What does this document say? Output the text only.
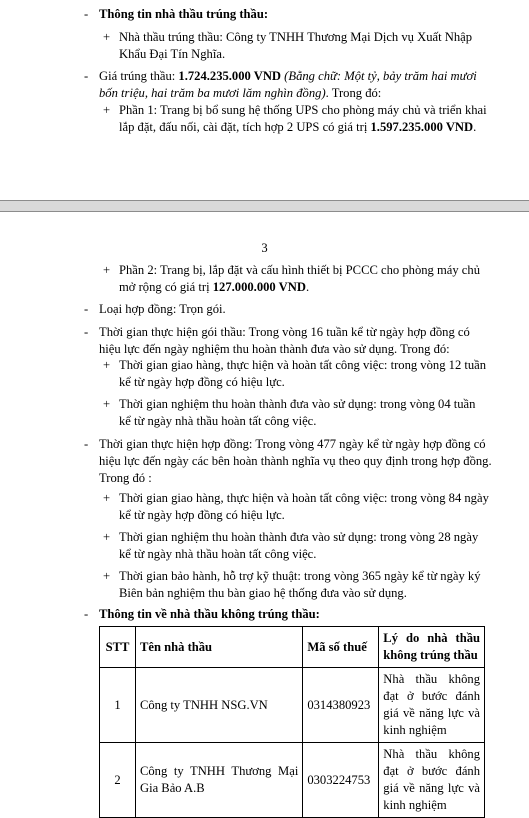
- Thông tin nhà thầu trúng thầu:
+ Nhà thầu trúng thầu: Công ty TNHH Thương Mại Dịch vụ Xuất Nhập
Khẩu Đại Tín Nghĩa.
- Giá trúng thầu: 1.724.235.000 VND (Bằng chữ: Một tỷ, bảy trăm hai mươi
bốn triệu, hai trăm ba mươi lăm nghìn đồng). Trong đó:
+ Phần 1: Trang bị bổ sung hệ thống UPS cho phòng máy chủ và triển khai
lắp đặt, đấu nối, cài đặt, tích hợp 2 UPS có giá trị 1.597.235.000 VND.
3
+ Phần 2: Trang bị, lắp đặt và cấu hình thiết bị PCCC cho phòng máy chủ
mở rộng có giá trị 127.000.000 VND.
- Loại hợp đồng: Trọn gói.
- Thời gian thực hiện gói thầu: Trong vòng 16 tuần kể từ ngày hợp đồng có
hiệu lực đến ngày nghiệm thu hoàn thành đưa vào sử dụng. Trong đó:
+ Thời gian giao hàng, thực hiện và hoàn tất công việc: trong vòng 12 tuần
kể từ ngày hợp đồng có hiệu lực.
+ Thời gian nghiệm thu hoàn thành đưa vào sử dụng: trong vòng 04 tuần
kể từ ngày nhà thầu hoàn tất công việc.
- Thời gian thực hiện hợp đồng: Trong vòng 477 ngày kể từ ngày hợp đồng có
hiệu lực đến ngày các bên hoàn thành nghĩa vụ theo quy định trong hợp đồng.
Trong đó :
+ Thời gian giao hàng, thực hiện và hoàn tất công việc: trong vòng 84 ngày
kể từ ngày hợp đồng có hiệu lực.
+ Thời gian nghiệm thu hoàn thành đưa vào sử dụng: trong vòng 28 ngày
kể từ ngày nhà thầu hoàn tất công việc.
+ Thời gian bảo hành, hỗ trợ kỹ thuật: trong vòng 365 ngày kể từ ngày ký
Biên bản nghiệm thu bàn giao hệ thống đưa vào sử dụng.
- Thông tin về nhà thầu không trúng thầu:
STT	Tên nhà thầu	Mã số thuế	Lý do nhà thầu không trúng thầu
1	Công ty TNHH NSG.VN	0314380923	Nhà thầu không đạt ở bước đánh giá về năng lực và kinh nghiệm
2	Công ty TNHH Thương Mại Gia Bảo A.B	0303224753	Nhà thầu không đạt ở bước đánh giá về năng lực và kinh nghiệm
